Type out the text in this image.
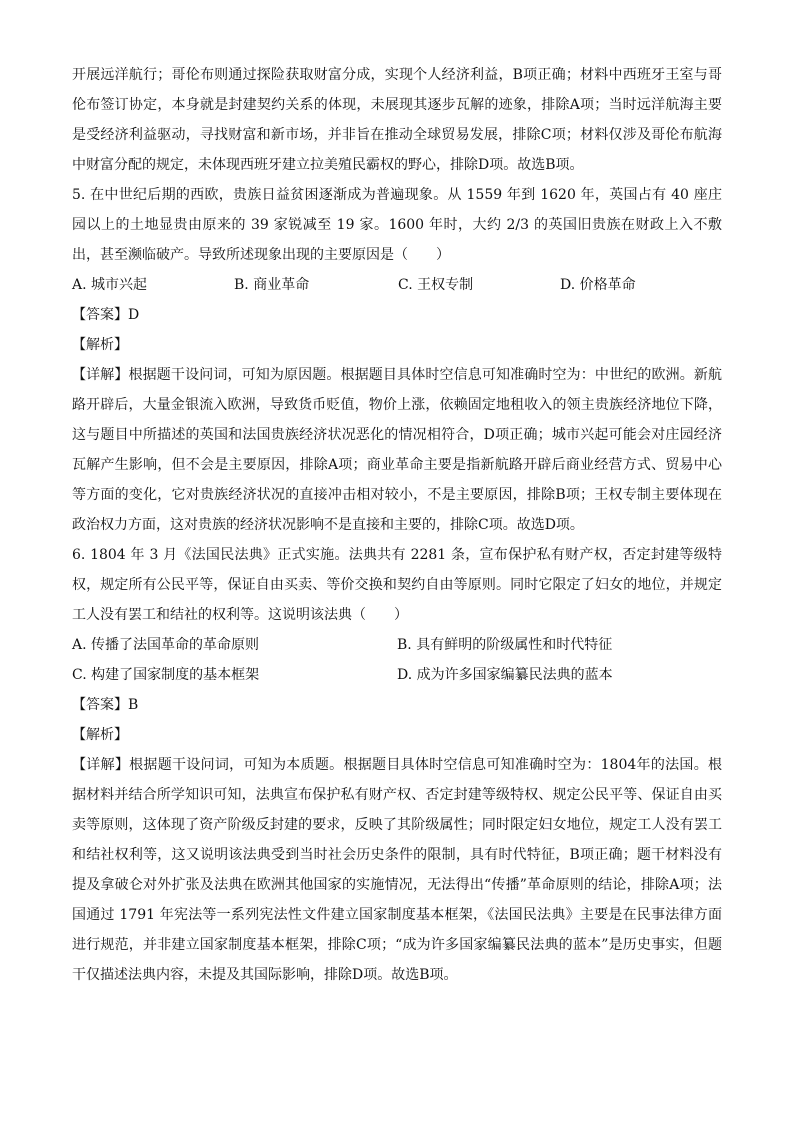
开展远洋航行；哥伦布则通过探险获取财富分成，实现个人经济利益，B项正确；材料中西班牙王室与哥伦布签订协定，本身就是封建契约关系的体现，未展现其逐步瓦解的迹象，排除A项；当时远洋航海主要是受经济利益驱动，寻找财富和新市场，并非旨在推动全球贸易发展，排除C项；材料仅涉及哥伦布航海中财富分配的规定，未体现西班牙建立拉美殖民霸权的野心，排除D项。故选B项。

5. 在中世纪后期的西欧，贵族日益贫困逐渐成为普遍现象。从 1559 年到 1620 年，英国占有 40 座庄园以上的土地显贵由原来的 39 家锐减至 19 家。1600 年时，大约 2/3 的英国旧贵族在财政上入不敷出，甚至濒临破产。导致所述现象出现的主要原因是（　　）

A. 城市兴起	B. 商业革命	C. 王权专制	D. 价格革命

【答案】D

【解析】

【详解】根据题干设问词，可知为原因题。根据题目具体时空信息可知准确时空为：中世纪的欧洲。新航路开辟后，大量金银流入欧洲，导致货币贬值，物价上涨，依赖固定地租收入的领主贵族经济地位下降，这与题目中所描述的英国和法国贵族经济状况恶化的情况相符合，D项正确；城市兴起可能会对庄园经济瓦解产生影响，但不会是主要原因，排除A项；商业革命主要是指新航路开辟后商业经营方式、贸易中心等方面的变化，它对贵族经济状况的直接冲击相对较小，不是主要原因，排除B项；王权专制主要体现在政治权力方面，这对贵族的经济状况影响不是直接和主要的，排除C项。故选D项。

6. 1804 年 3 月《法国民法典》正式实施。法典共有 2281 条，宣布保护私有财产权，否定封建等级特权，规定所有公民平等，保证自由买卖、等价交换和契约自由等原则。同时它限定了妇女的地位，并规定工人没有罢工和结社的权利等。这说明该法典（　　）

A. 传播了法国革命的革命原则	B. 具有鲜明的阶级属性和时代特征
C. 构建了国家制度的基本框架	D. 成为许多国家编纂民法典的蓝本

【答案】B

【解析】

【详解】根据题干设问词，可知为本质题。根据题目具体时空信息可知准确时空为：1804年的法国。根据材料并结合所学知识可知，法典宣布保护私有财产权、否定封建等级特权、规定公民平等、保证自由买卖等原则，这体现了资产阶级反封建的要求，反映了其阶级属性；同时限定妇女地位，规定工人没有罢工和结社权利等，这又说明该法典受到当时社会历史条件的限制，具有时代特征，B项正确；题干材料没有提及拿破仑对外扩张及法典在欧洲其他国家的实施情况，无法得出“传播”革命原则的结论，排除A项；法国通过 1791 年宪法等一系列宪法性文件建立国家制度基本框架，《法国民法典》主要是在民事法律方面进行规范，并非建立国家制度基本框架，排除C项；“成为许多国家编纂民法典的蓝本”是历史事实，但题干仅描述法典内容，未提及其国际影响，排除D项。故选B项。
